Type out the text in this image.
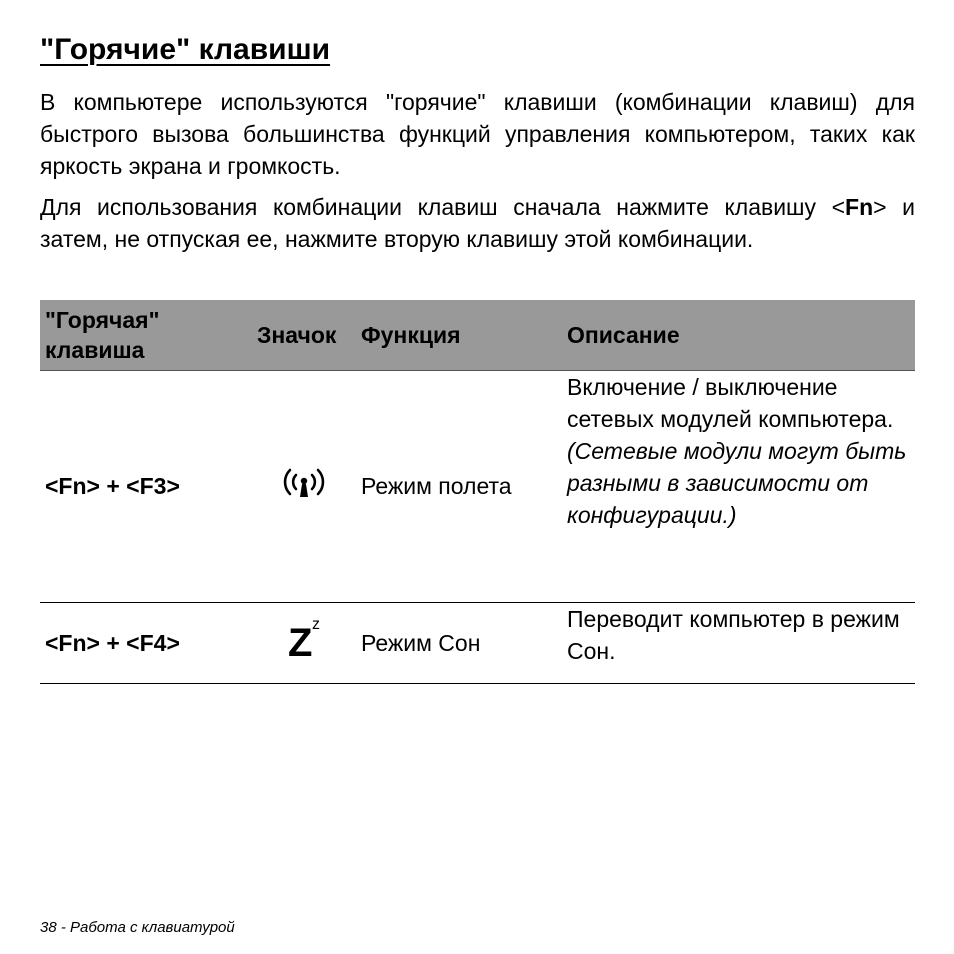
"Горячие" клавиши

В компьютере используются "горячие" клавиши (комбинации клавиш) для быстрого вызова большинства функций управления компьютером, таких как яркость экрана и громкость.

Для использования комбинации клавиш сначала нажмите клавишу <Fn> и затем, не отпуская ее, нажмите вторую клавишу этой комбинации.

"Горячая" клавиша	Значок	Функция	Описание
<Fn> + <F3>		Режим полета	Включение / выключение сетевых модулей компьютера.
(Сетевые модули могут быть разными в зависимости от конфигурации.)

<Fn> + <F4>	Z z	Режим Сон	Переводит компьютер в режим Сон.
38 - Работа с клавиатурой
